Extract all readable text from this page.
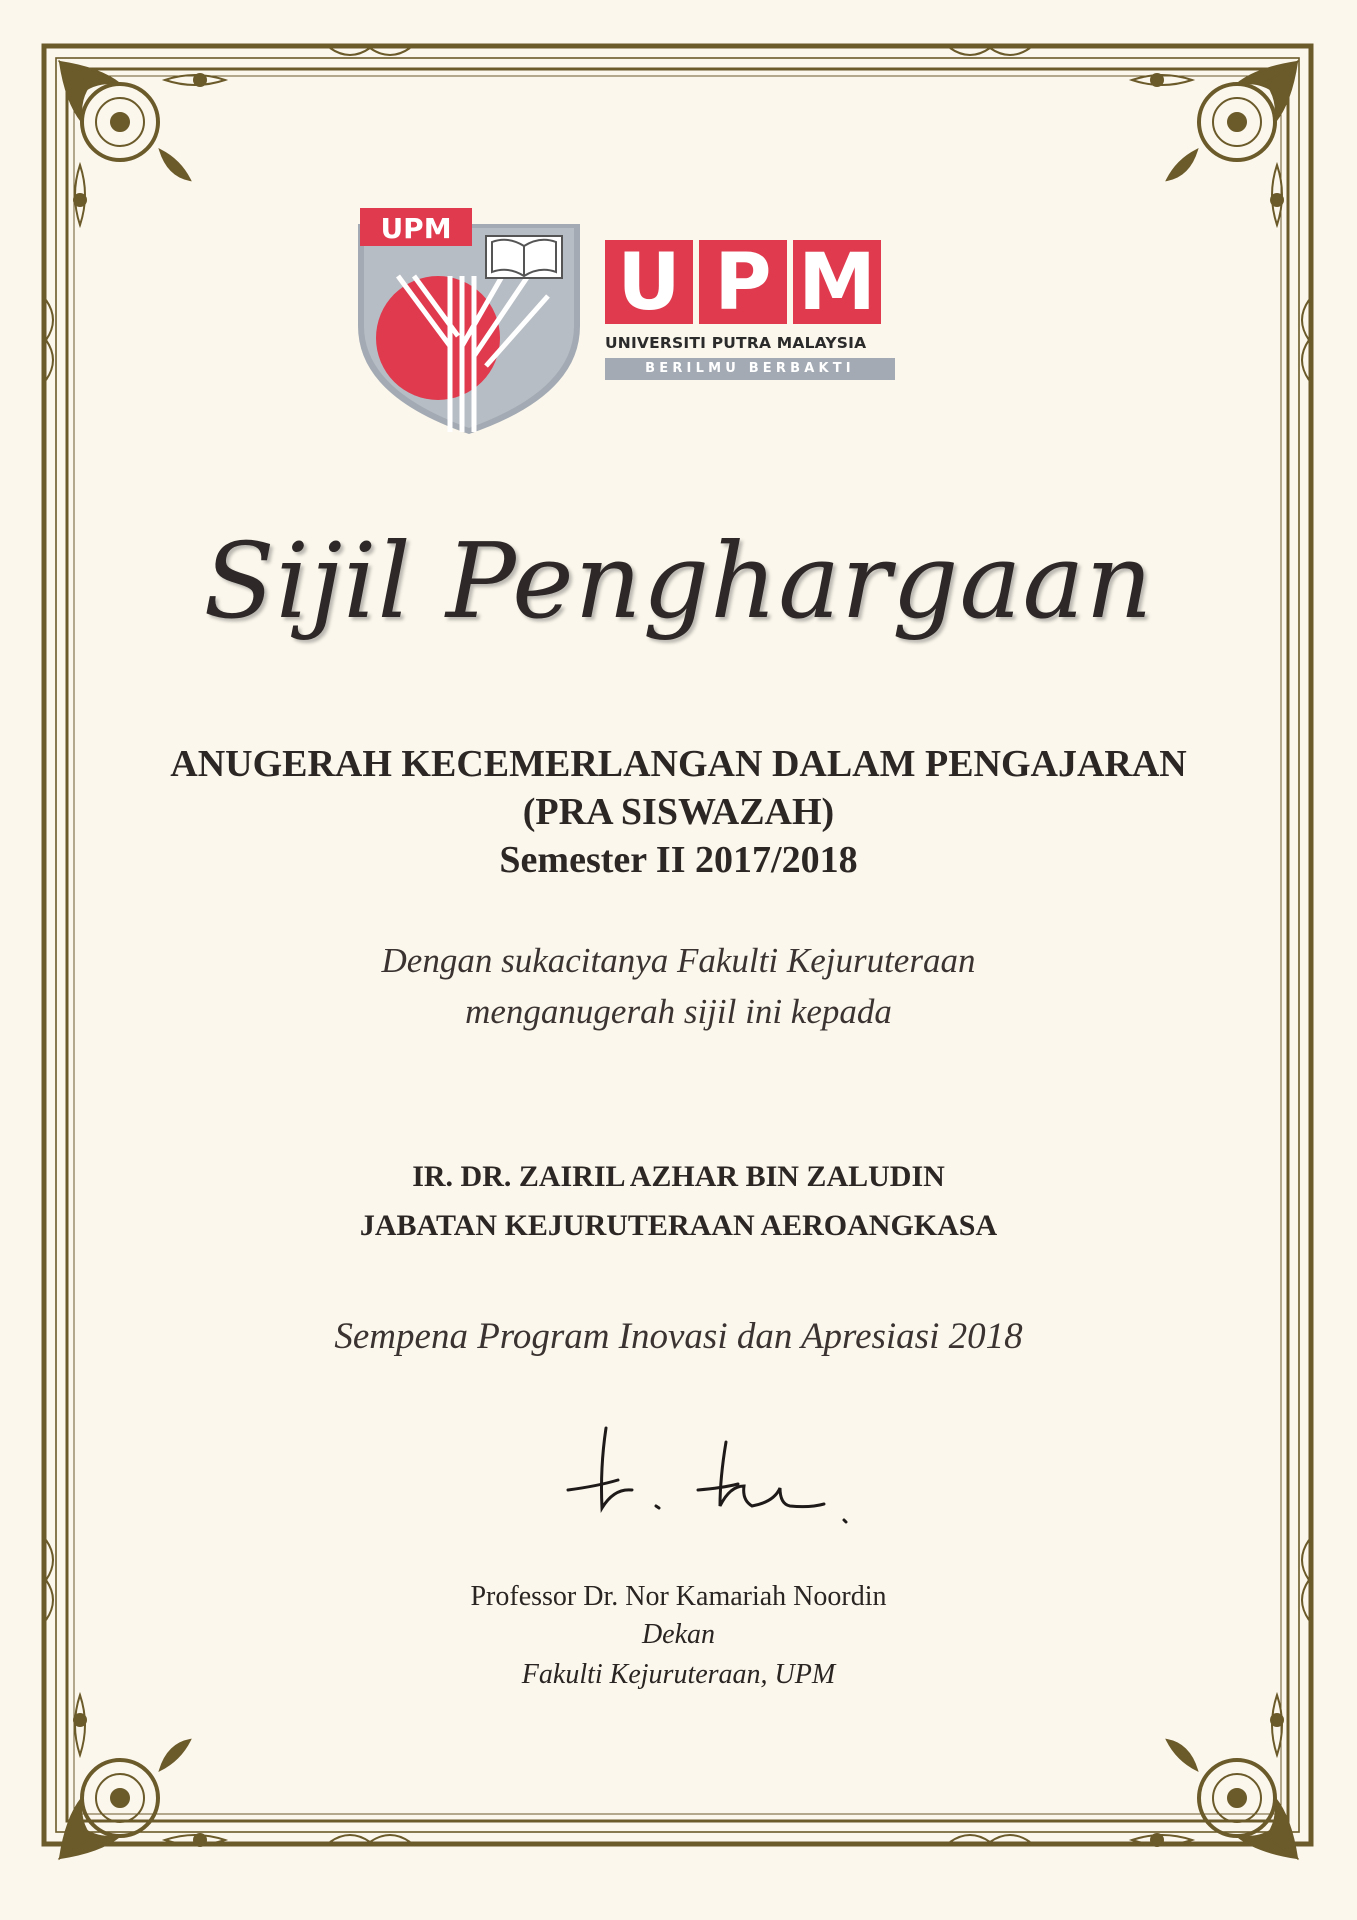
UPM
U P M
UNIVERSITI PUTRA MALAYSIA
BERILMU BERBAKTI
Sijil Penghargaan
ANUGERAH KECEMERLANGAN DALAM PENGAJARAN
(PRA SISWAZAH)
Semester II 2017/2018
Dengan sukacitanya Fakulti Kejuruteraan
menganugerah sijil ini kepada
IR. DR. ZAIRIL AZHAR BIN ZALUDIN
JABATAN KEJURUTERAAN AEROANGKASA
Sempena Program Inovasi dan Apresiasi 2018
Professor Dr. Nor Kamariah Noordin
Dekan
Fakulti Kejuruteraan, UPM
